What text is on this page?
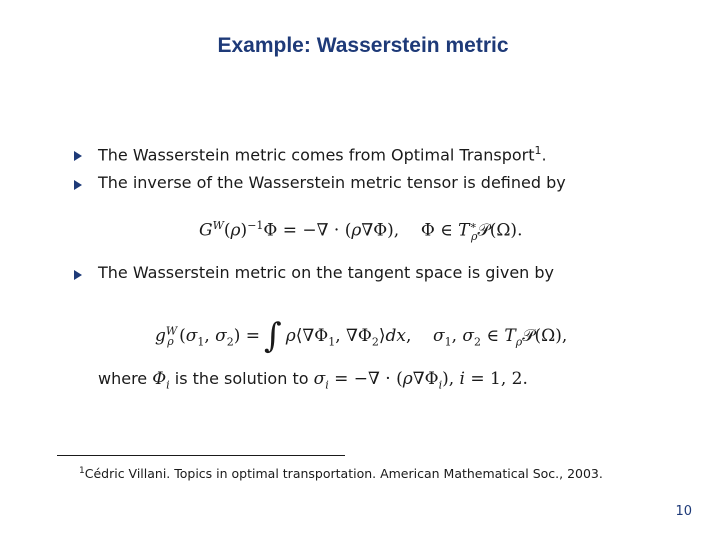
Example: Wasserstein metric
The Wasserstein metric comes from Optimal Transport$^1$.
The inverse of the Wasserstein metric tensor is defined by
$G^W(\rho)^{-1}\Phi$ = −∇ · (ρ∇Φ),    Φ ∈ $T^∗_\rho 𝒫(\Omega)$.
The Wasserstein metric on the tangent space is given by
$g^W_\rho$ ($\sigma_1$, $\sigma_2$) = ∫ $\rho⟨\nabla\Phi_1$, $\nabla\Phi_2⟩dx$,    $\sigma_1$, $\sigma_2$ ∈ $T_\rho 𝒫(\Omega)$,
where $\Phi_i$ is the solution to $\sigma_i$ = −∇ · $(\rho\nabla\Phi_i)$, i = 1, 2.
$^1$Cédric Villani. Topics in optimal transportation. American Mathematical Soc., 2003.
10
